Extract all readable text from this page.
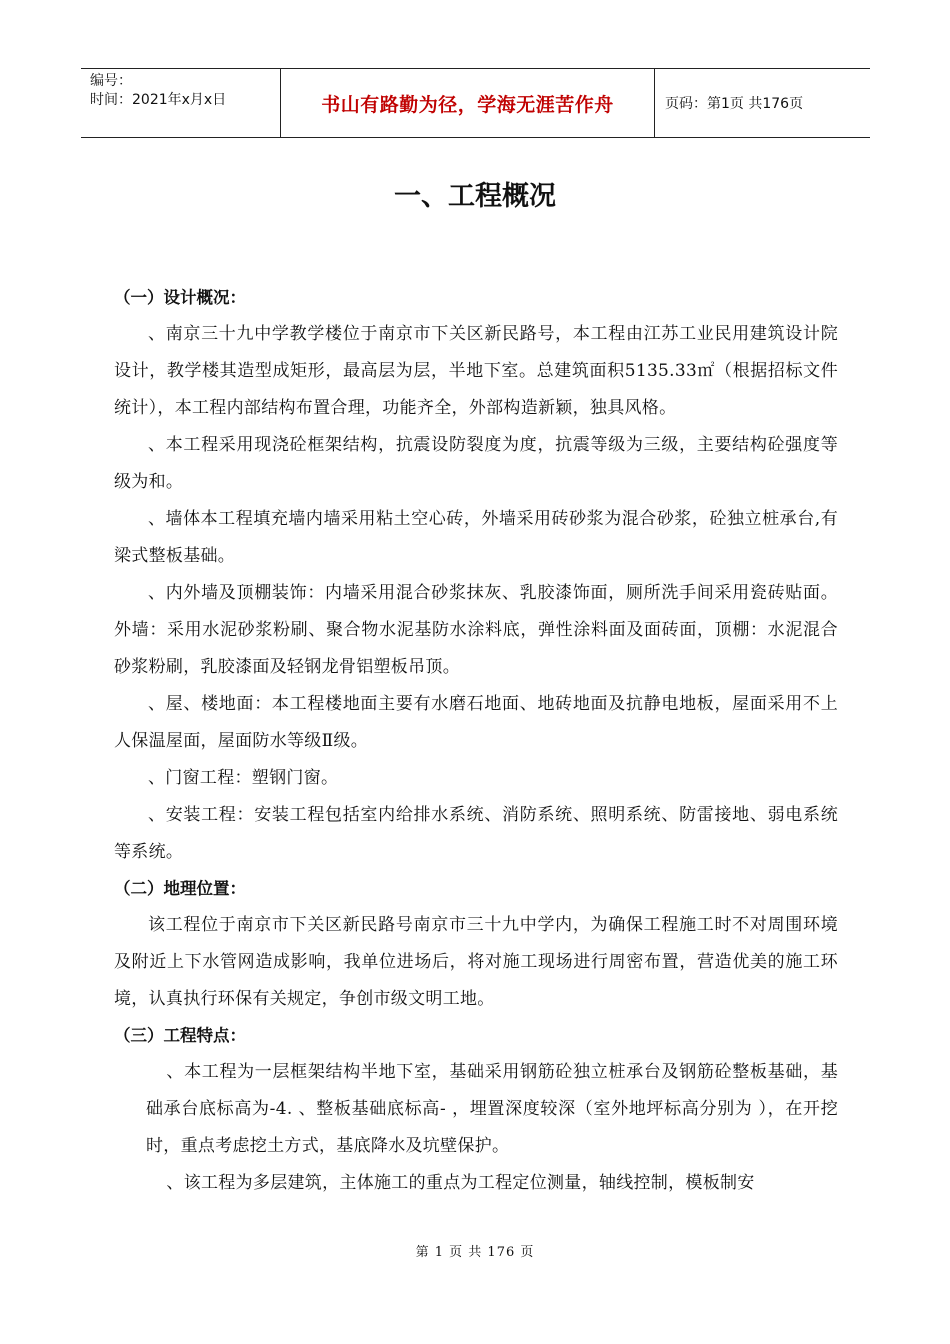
编号：
时间：2021年x月x日	书山有路勤为径，学海无涯苦作舟	页码：第1页 共176页
一、工程概况

（一）设计概况：

、南京三十九中学教学楼位于南京市下关区新民路号，本工程由江苏工业民用建筑设计院设计，教学楼其造型成矩形，最高层为层，半地下室。总建筑面积5135.33㎡（根据招标文件统计），本工程内部结构布置合理，功能齐全，外部构造新颖，独具风格。

、本工程采用现浇砼框架结构，抗震设防裂度为度，抗震等级为三级，主要结构砼强度等级为和。

、墙体本工程填充墙内墙采用粘土空心砖，外墙采用砖砂浆为混合砂浆，砼独立桩承台,有梁式整板基础。

、内外墙及顶棚装饰：内墙采用混合砂浆抹灰、乳胶漆饰面，厕所洗手间采用瓷砖贴面。外墙：采用水泥砂浆粉刷、聚合物水泥基防水涂料底，弹性涂料面及面砖面，顶棚：水泥混合砂浆粉刷，乳胶漆面及轻钢龙骨铝塑板吊顶。

、屋、楼地面：本工程楼地面主要有水磨石地面、地砖地面及抗静电地板，屋面采用不上人保温屋面，屋面防水等级Ⅱ级。

、门窗工程：塑钢门窗。

、安装工程：安装工程包括室内给排水系统、消防系统、照明系统、防雷接地、弱电系统等系统。

（二）地理位置：

该工程位于南京市下关区新民路号南京市三十九中学内，为确保工程施工时不对周围环境及附近上下水管网造成影响，我单位进场后，将对施工现场进行周密布置，营造优美的施工环境，认真执行环保有关规定，争创市级文明工地。

（三）工程特点：

、本工程为一层框架结构半地下室，基础采用钢筋砼独立桩承台及钢筋砼整板基础，基础承台底标高为-4. 、整板基础底标高- ，埋置深度较深（室外地坪标高分别为 ），在开挖时，重点考虑挖土方式，基底降水及坑壁保护。

、该工程为多层建筑，主体施工的重点为工程定位测量，轴线控制，模板制安

第 1 页 共 176 页
